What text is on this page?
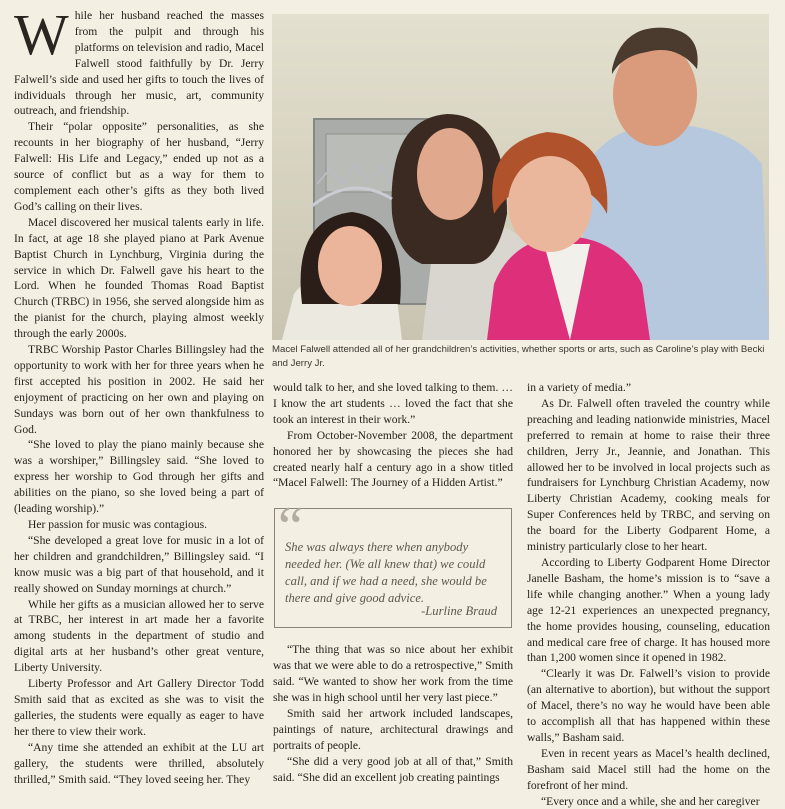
While her husband reached the masses from the pulpit and through his platforms on television and radio, Macel Falwell stood faithfully by Dr. Jerry Falwell’s side and used her gifts to touch the lives of individuals through her music, art, community outreach, and friendship.

Their “polar opposite” personalities, as she recounts in her biography of her husband, “Jerry Falwell: His Life and Legacy,” ended up not as a source of conflict but as a way for them to complement each other’s gifts as they both lived God’s calling on their lives.

Macel discovered her musical talents early in life. In fact, at age 18 she played piano at Park Avenue Baptist Church in Lynchburg, Virginia during the service in which Dr. Falwell gave his heart to the Lord. When he founded Thomas Road Baptist Church (TRBC) in 1956, she served alongside him as the pianist for the church, playing almost weekly through the early 2000s.

TRBC Worship Pastor Charles Billingsley had the opportunity to work with her for three years when he first accepted his position in 2002. He said her enjoyment of practicing on her own and playing on Sundays was born out of her own thankfulness to God.

“She loved to play the piano mainly because she was a worshiper,” Billingsley said. “She loved to express her worship to God through her gifts and abilities on the piano, so she loved being a part of (leading worship).”

Her passion for music was contagious.

“She developed a great love for music in a lot of her children and grandchildren,” Billingsley said. “I know music was a big part of that household, and it really showed on Sunday mornings at church.”

While her gifts as a musician allowed her to serve at TRBC, her interest in art made her a favorite among students in the department of studio and digital arts at her husband’s other great venture, Liberty University.

Liberty Professor and Art Gallery Director Todd Smith said that as excited as she was to visit the galleries, the students were equally as eager to have her there to view their work.

“Any time she attended an exhibit at the LU art gallery, the students were thrilled, absolutely thrilled,” Smith said. “They loved seeing her. They

Macel Falwell attended all of her grandchildren’s activities, whether sports or arts, such as Caroline’s play with Becki and Jerry Jr.

would talk to her, and she loved talking to them. … I know the art students … loved the fact that she took an interest in their work.”

From October-November 2008, the department honored her by showcasing the pieces she had created nearly half a century ago in a show titled “Macel Falwell: The Journey of a Hidden Artist.”

“The thing that was so nice about her exhibit was that we were able to do a retrospective,” Smith said. “We wanted to show her work from the time she was in high school until her very last piece.”

Smith said her artwork included landscapes, paintings of nature, architectural drawings and portraits of people.

“She did a very good job at all of that,” Smith said. “She did an excellent job creating paintings

“
She was always there when anybody needed her. (We all knew that) we could call, and if we had a need, she would be there and give good advice.
-Lurline Braud

in a variety of media.”

As Dr. Falwell often traveled the country while preaching and leading nationwide ministries, Macel preferred to remain at home to raise their three children, Jerry Jr., Jeannie, and Jonathan. This allowed her to be involved in local projects such as fundraisers for Lynchburg Christian Academy, now Liberty Christian Academy, cooking meals for Super Conferences held by TRBC, and serving on the board for the Liberty Godparent Home, a ministry particularly close to her heart.

According to Liberty Godparent Home Director Janelle Basham, the home’s mission is to “save a life while changing another.” When a young lady age 12-21 experiences an unexpected pregnancy, the home provides housing, counseling, education and medical care free of charge. It has housed more than 1,200 women since it opened in 1982.

“Clearly it was Dr. Falwell’s vision to provide (an alternative to abortion), but without the support of Macel, there’s no way he would have been able to accomplish all that has happened within these walls,” Basham said.

Even in recent years as Macel’s health declined, Basham said Macel still had the home on the forefront of her mind.

“Every once and a while, she and her caregiver
